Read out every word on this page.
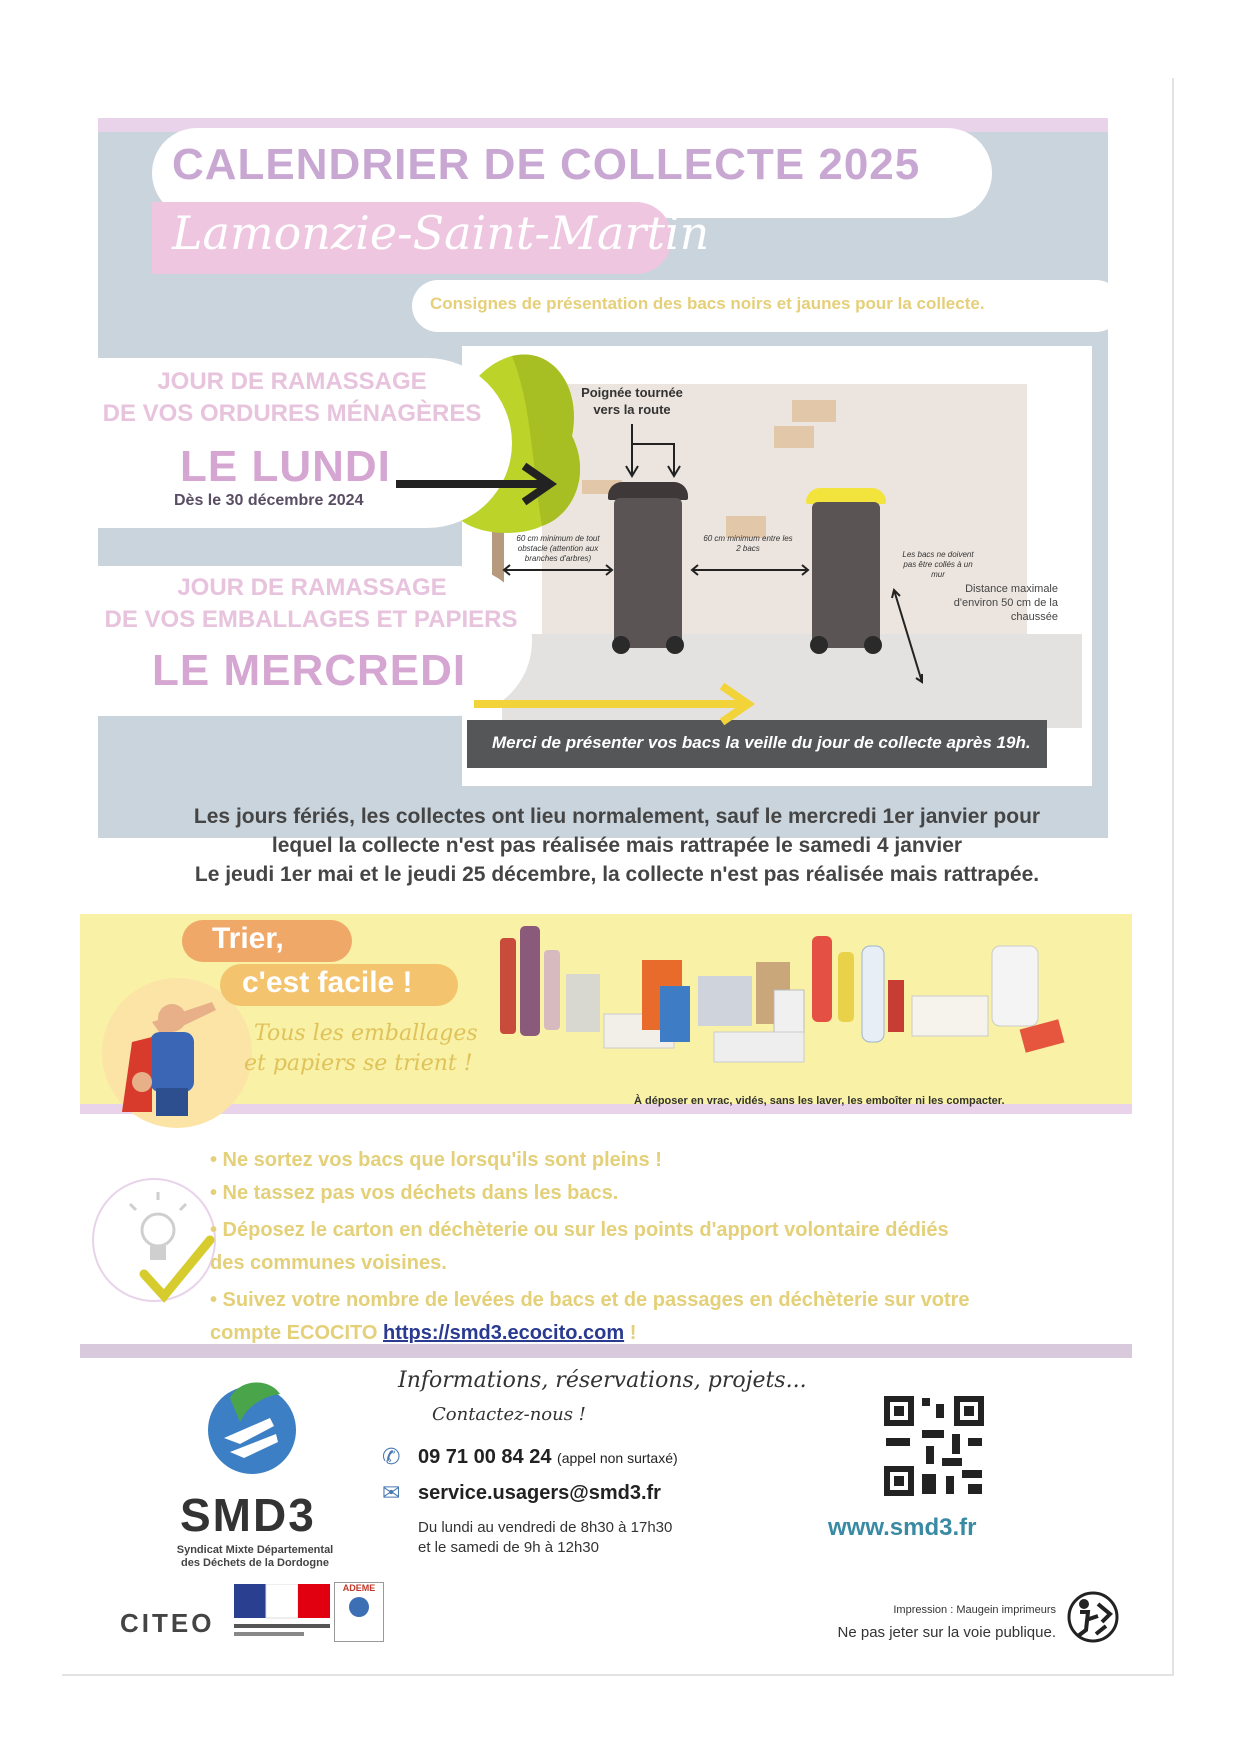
CALENDRIER DE COLLECTE 2025
Lamonzie-Saint-Martin
Consignes de présentation des bacs noirs et jaunes pour la collecte.
Poignée tournée vers la route
60 cm minimum de tout obstacle (attention aux branches d'arbres)
60 cm minimum entre les 2 bacs
Les bacs ne doivent pas être collés à un mur
Distance maximale d'environ 50 cm de la chaussée
Merci de présenter vos bacs la veille du jour de collecte après 19h.
JOUR DE RAMASSAGE
DE VOS ORDURES MÉNAGÈRES
LE LUNDI
Dès le 30 décembre 2024
JOUR DE RAMASSAGE
DE VOS EMBALLAGES ET PAPIERS
LE MERCREDI
Les jours fériés, les collectes ont lieu normalement, sauf le mercredi 1er janvier pour
lequel la collecte n'est pas réalisée mais rattrapée le samedi 4 janvier
Le jeudi 1er mai et le jeudi 25 décembre, la collecte n'est pas réalisée mais rattrapée.
Trier,
c'est facile !
Tous les emballages
et papiers se trient !
À déposer en vrac, vidés, sans les laver, les emboîter ni les compacter.
• Ne sortez vos bacs que lorsqu'ils sont pleins !
• Ne tassez pas vos déchets dans les bacs.
• Déposez le carton en déchèterie ou sur les points d'apport volontaire dédiés
des communes voisines.
• Suivez votre nombre de levées de bacs et de passages en déchèterie sur votre
compte ECOCITO https://smd3.ecocito.com !
SMD3
Syndicat Mixte Départemental des Déchets de la Dordogne
Informations, réservations, projets...
Contactez-nous !
✆ 09 71 00 84 24 (appel non surtaxé)
✉ service.usagers@smd3.fr
Du lundi au vendredi de 8h30 à 17h30
et le samedi de 9h à 12h30
www.smd3.fr
CITEO
ADEME
Impression : Maugein imprimeurs
Ne pas jeter sur la voie publique.
